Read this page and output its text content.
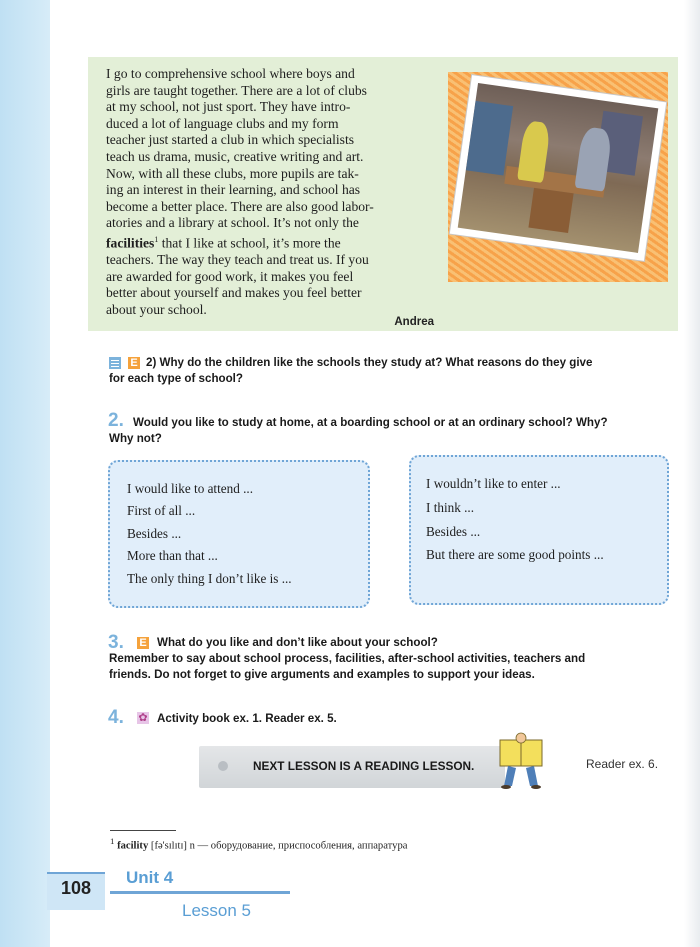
I go to comprehensive school where boys and
girls are taught together. There are a lot of clubs
at my school, not just sport. They have intro-
duced a lot of language clubs and my form
teacher just started a club in which specialists
teach us drama, music, creative writing and art.
Now, with all these clubs, more pupils are tak-
ing an interest in their learning, and school has
become a better place. There are also good labor-
atories and a library at school. It’s not only the
facilities$^1$ that I like at school, it’s more the
teachers. The way they teach and treat us. If you
are awarded for good work, it makes you feel
better about yourself and makes you feel better
about your school.
Andrea
E 2) Why do the children like the schools they study at? What reasons do they give
for each type of school?
2. Would you like to study at home, at a boarding school or at an ordinary school? Why?
Why not?
I would like to attend ...
First of all ...
Besides ...
More than that ...
The only thing I don’t like is ...
I wouldn’t like to enter ...
I think ...
Besides ...
But there are some good points ...
3. E What do you like and don’t like about your school?
Remember to say about school process, facilities, after-school activities, teachers and
friends. Do not forget to give arguments and examples to support your ideas.
4. ✿ Activity book ex. 1. Reader ex. 5.
NEXT LESSON IS A READING LESSON.	Reader ex. 6.
$^1$ facility [fə'sɪlɪtɪ] n — оборудование, приспособления, аппаратура
108
Unit 4
Lesson 5
